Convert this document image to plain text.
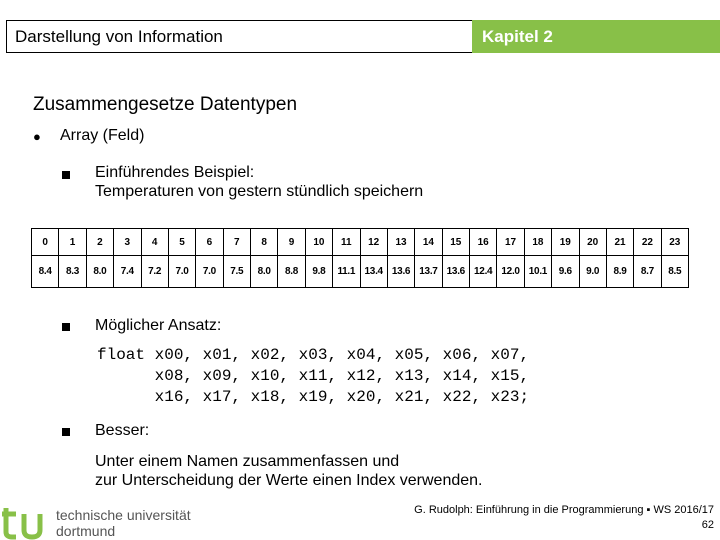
Darstellung von Information	Kapitel 2
Zusammengesetze Datentypen
● Array (Feld)
Einführendes Beispiel:
Temperaturen von gestern stündlich speichern
0	1	2	3	4	5	6	7	8	9	10	11	12	13	14	15	16	17	18	19	20	21	22	23
8.4	8.3	8.0	7.4	7.2	7.0	7.0	7.5	8.0	8.8	9.8	11.1	13.4	13.6	13.7	13.6	12.4	12.0	10.1	9.6	9.0	8.9	8.7	8.5
Möglicher Ansatz:
float x00, x01, x02, x03, x04, x05, x06, x07,
x08, x09, x10, x11, x12, x13, x14, x15,
x16, x17, x18, x19, x20, x21, x22, x23;
Besser:
Unter einem Namen zusammenfassen und
zur Unterscheidung der Werte einen Index verwenden.
technische universität
dortmund
G. Rudolph: Einführung in die Programmierung ▪ WS 2016/17
62
